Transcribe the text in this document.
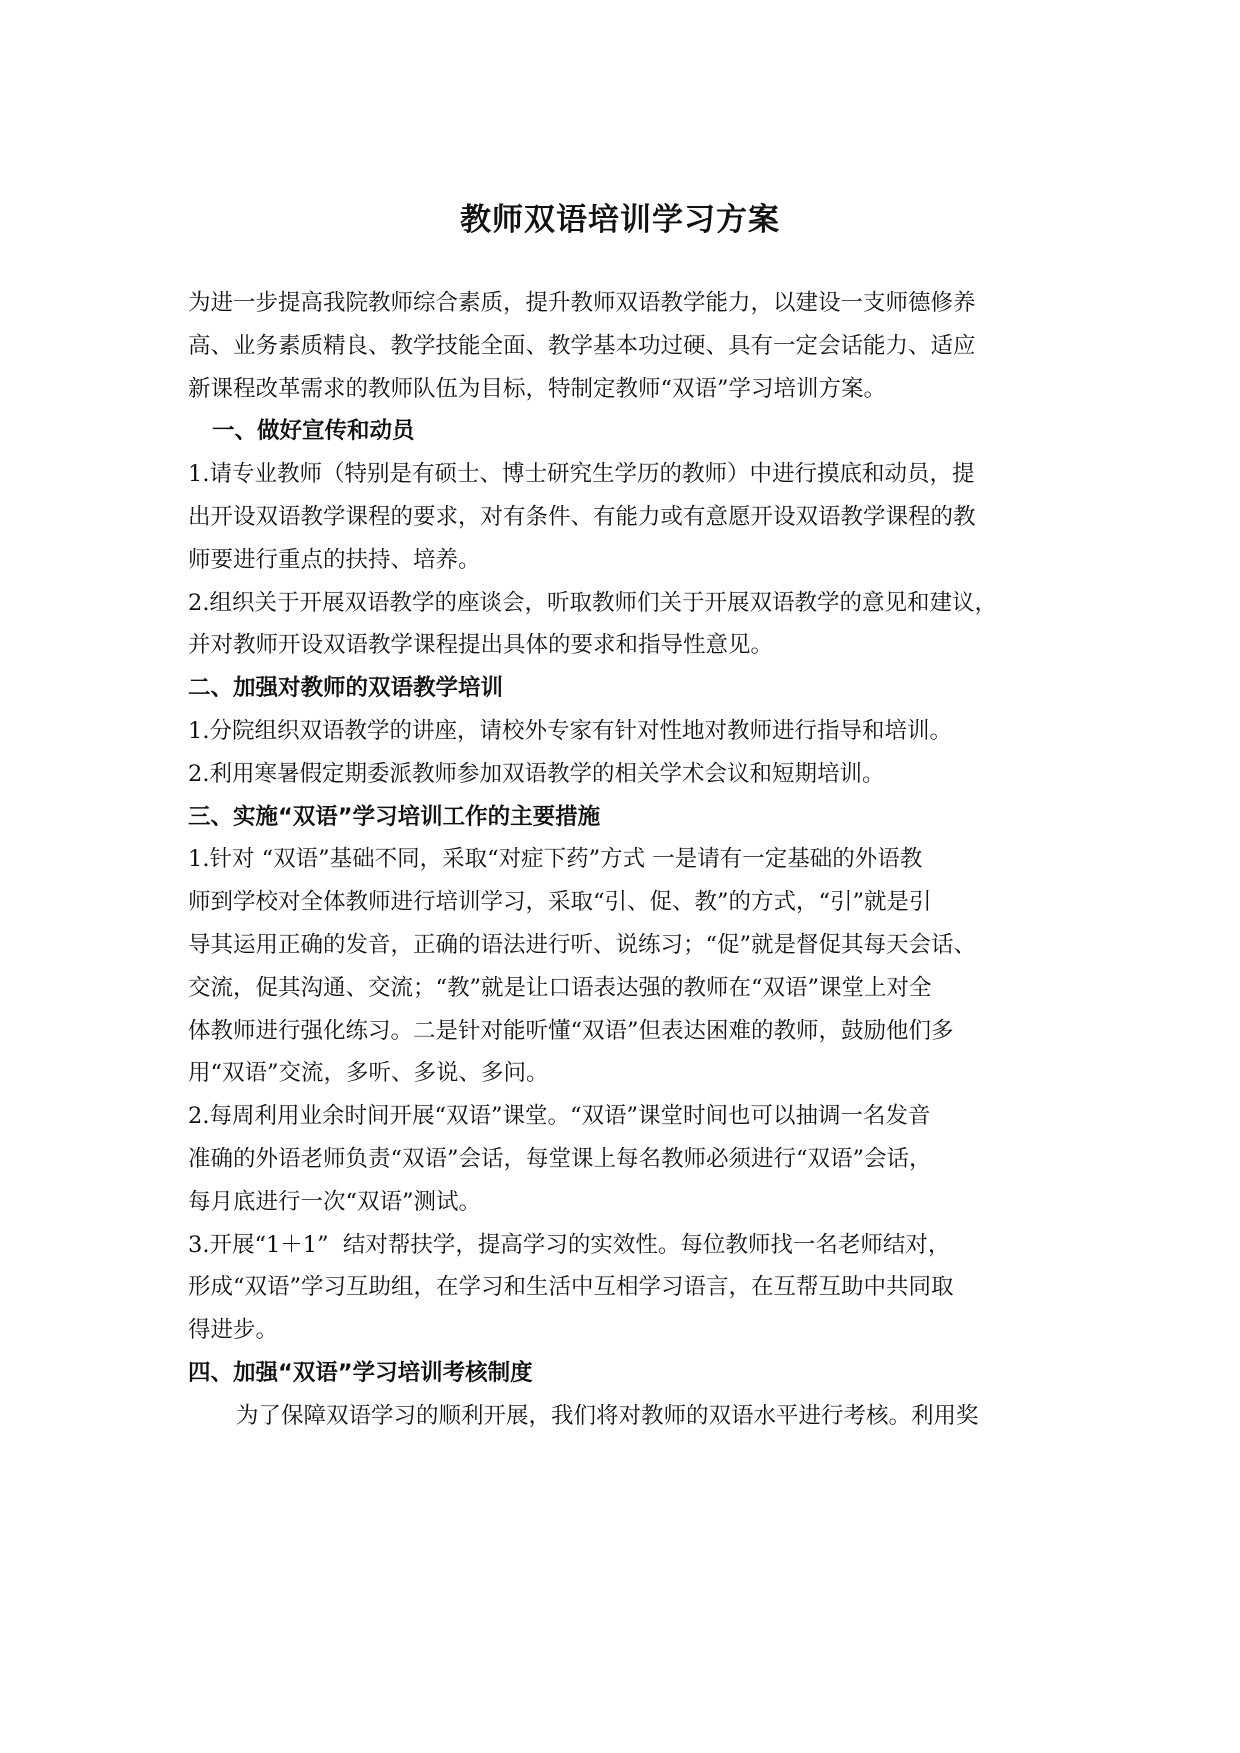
教师双语培训学习方案
为进一步提高我院教师综合素质，提升教师双语教学能力，以建设一支师德修养
高、业务素质精良、教学技能全面、教学基本功过硬、具有一定会话能力、适应
新课程改革需求的教师队伍为目标，特制定教师“双语”学习培训方案。
一、做好宣传和动员
1.请专业教师（特别是有硕士、博士研究生学历的教师）中进行摸底和动员，提
出开设双语教学课程的要求，对有条件、有能力或有意愿开设双语教学课程的教
师要进行重点的扶持、培养。
2.组织关于开展双语教学的座谈会，听取教师们关于开展双语教学的意见和建议，
并对教师开设双语教学课程提出具体的要求和指导性意见。
二、加强对教师的双语教学培训
1.分院组织双语教学的讲座，请校外专家有针对性地对教师进行指导和培训。
2.利用寒暑假定期委派教师参加双语教学的相关学术会议和短期培训。
三、实施“双语”学习培训工作的主要措施
1.针对 “双语”基础不同，采取“对症下药”方式 一是请有一定基础的外语教
师到学校对全体教师进行培训学习，采取“引、促、教”的方式，“引”就是引
导其运用正确的发音，正确的语法进行听、说练习；“促”就是督促其每天会话、
交流，促其沟通、交流；“教”就是让口语表达强的教师在“双语”课堂上对全
体教师进行强化练习。二是针对能听懂“双语”但表达困难的教师，鼓励他们多
用“双语”交流，多听、多说、多问。
2.每周利用业余时间开展“双语”课堂。“双语”课堂时间也可以抽调一名发音
准确的外语老师负责“双语”会话，每堂课上每名教师必须进行“双语”会话，
每月底进行一次“双语”测试。
3.开展“1＋1”  结对帮扶学，提高学习的实效性。每位教师找一名老师结对，
形成“双语”学习互助组，在学习和生活中互相学习语言，在互帮互助中共同取
得进步。
四、加强“双语”学习培训考核制度
为了保障双语学习的顺利开展，我们将对教师的双语水平进行考核。利用奖
